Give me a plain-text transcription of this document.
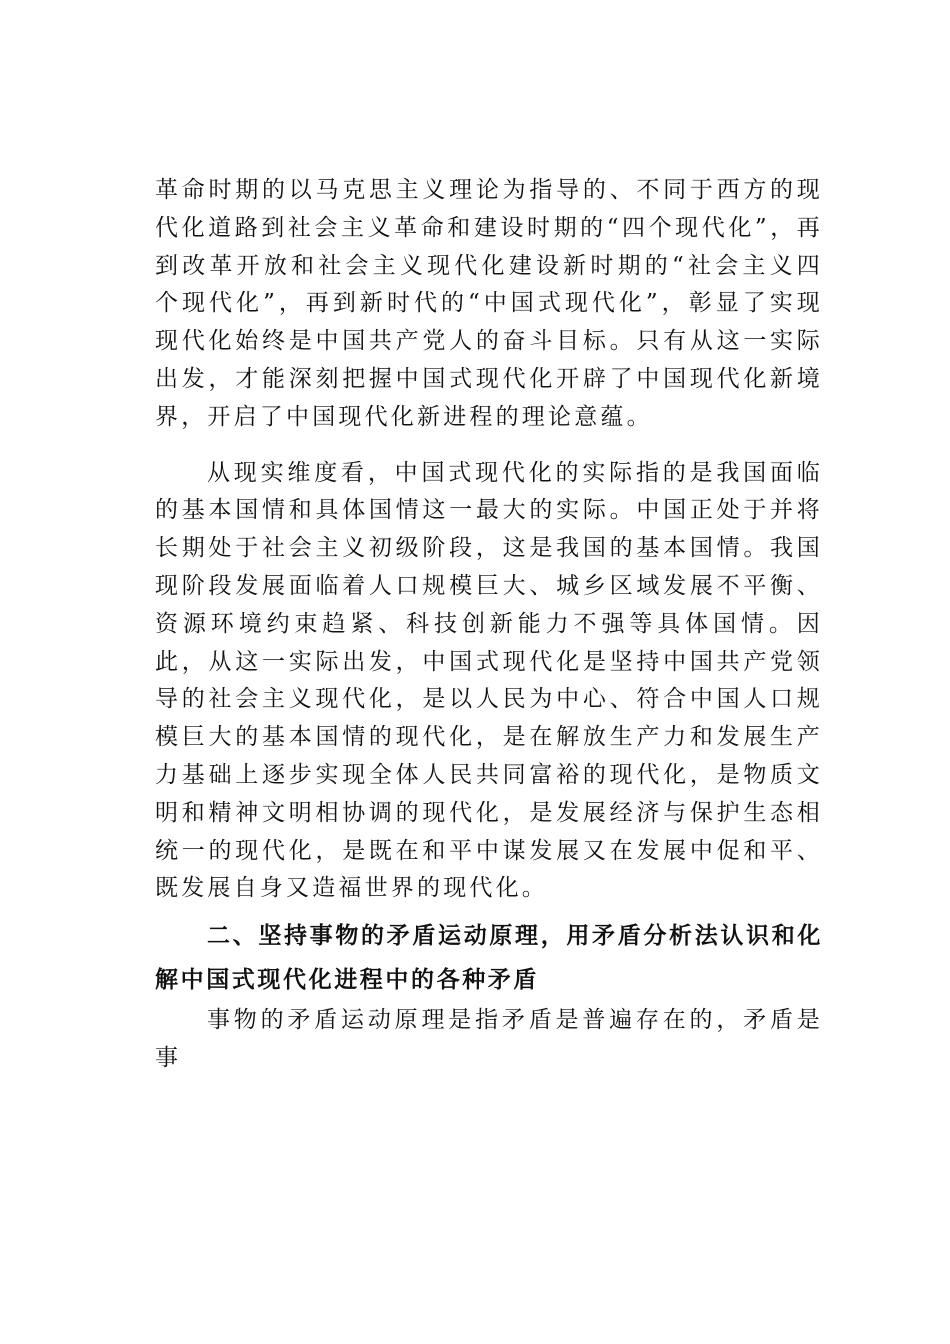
革命时期的以马克思主义理论为指导的、不同于西方的现代化道路到社会主义革命和建设时期的“四个现代化”，再到改革开放和社会主义现代化建设新时期的“社会主义四个现代化”，再到新时代的“中国式现代化”，彰显了实现现代化始终是中国共产党人的奋斗目标。只有从这一实际出发，才能深刻把握中国式现代化开辟了中国现代化新境界，开启了中国现代化新进程的理论意蕴。

从现实维度看，中国式现代化的实际指的是我国面临的基本国情和具体国情这一最大的实际。中国正处于并将长期处于社会主义初级阶段，这是我国的基本国情。我国现阶段发展面临着人口规模巨大、城乡区域发展不平衡、资源环境约束趋紧、科技创新能力不强等具体国情。因此，从这一实际出发，中国式现代化是坚持中国共产党领导的社会主义现代化，是以人民为中心、符合中国人口规模巨大的基本国情的现代化，是在解放生产力和发展生产力基础上逐步实现全体人民共同富裕的现代化，是物质文明和精神文明相协调的现代化，是发展经济与保护生态相统一的现代化，是既在和平中谋发展又在发展中促和平、既发展自身又造福世界的现代化。

二、坚持事物的矛盾运动原理，用矛盾分析法认识和化解中国式现代化进程中的各种矛盾

事物的矛盾运动原理是指矛盾是普遍存在的，矛盾是事
